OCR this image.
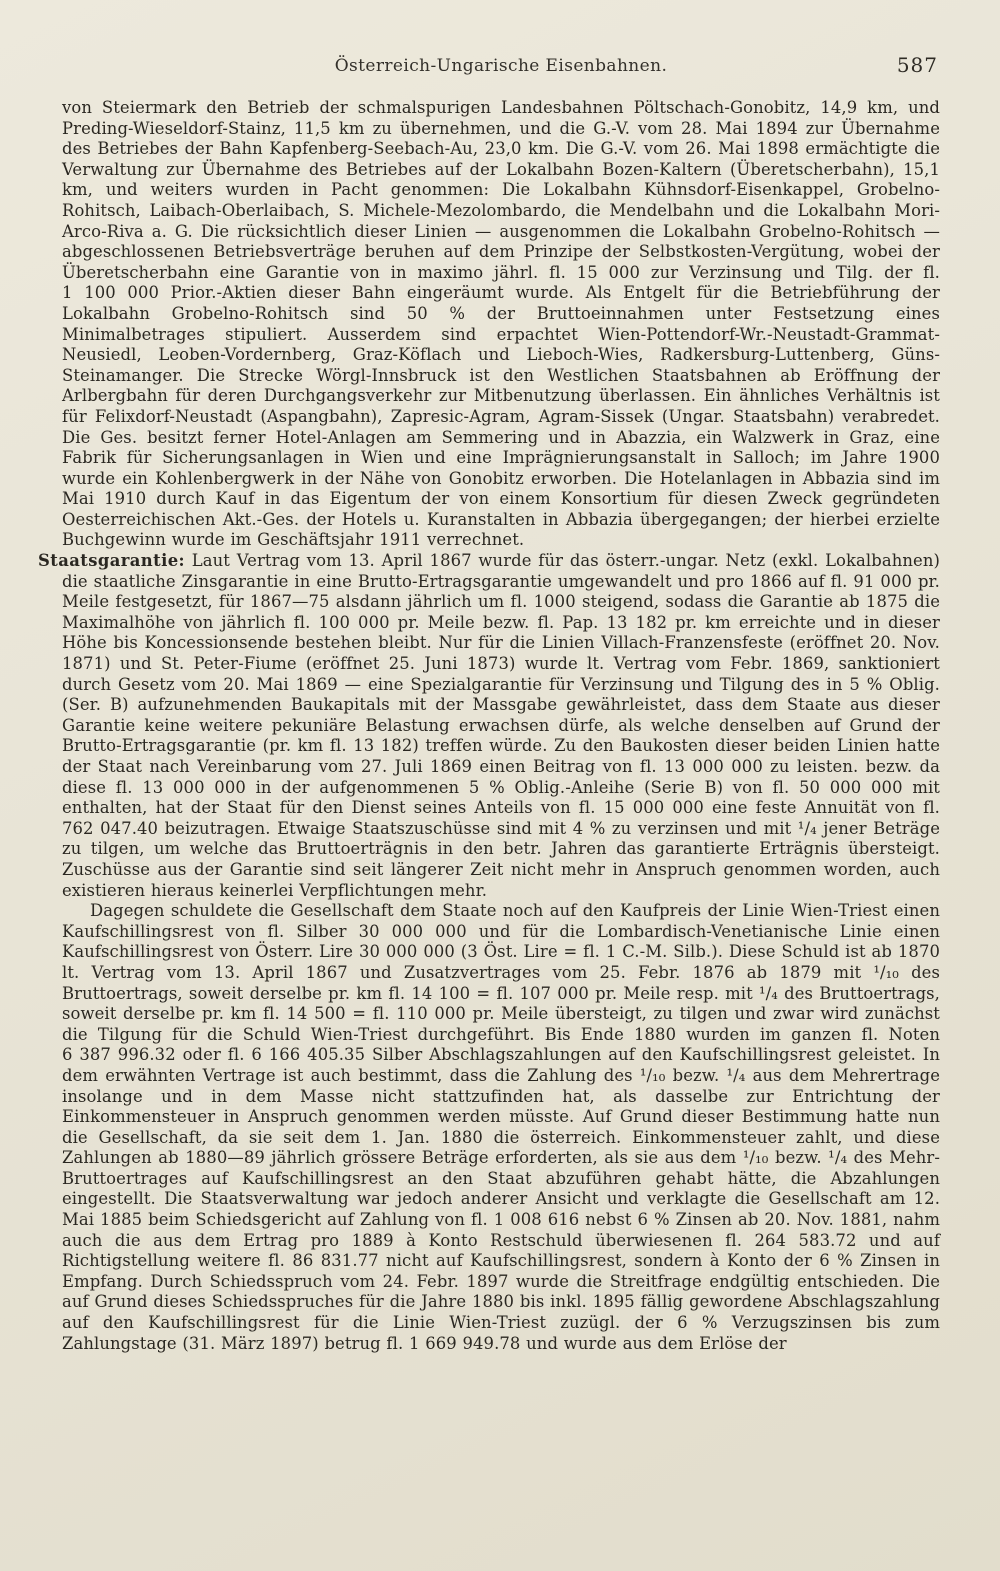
Österreich-Ungarische Eisenbahnen.	587

von Steiermark den Betrieb der schmalspurigen Landesbahnen Pöltschach-Gonobitz, 14,9 km, und Preding-Wieseldorf-Stainz, 11,5 km zu übernehmen, und die G.-V. vom 28. Mai 1894 zur Übernahme des Betriebes der Bahn Kapfenberg-Seebach-Au, 23,0 km. Die G.-V. vom 26. Mai 1898 ermächtigte die Verwaltung zur Übernahme des Betriebes auf der Lokalbahn Bozen-Kaltern (Überetscherbahn), 15,1 km, und weiters wurden in Pacht genommen: Die Lokalbahn Kühnsdorf-Eisenkappel, Grobelno-Rohitsch, Laibach-Oberlaibach, S. Michele-Mezolombardo, die Mendelbahn und die Lokalbahn Mori-Arco-Riva a. G. Die rücksichtlich dieser Linien — ausgenommen die Lokalbahn Grobelno-Rohitsch — abgeschlossenen Betriebsverträge beruhen auf dem Prinzipe der Selbstkosten-Vergütung, wobei der Überetscherbahn eine Garantie von in maximo jährl. fl. 15 000 zur Verzinsung und Tilg. der fl. 1 100 000 Prior.-Aktien dieser Bahn eingeräumt wurde. Als Entgelt für die Betriebführung der Lokalbahn Grobelno-Rohitsch sind 50 % der Bruttoeinnahmen unter Festsetzung eines Minimalbetrages stipuliert. Ausserdem sind erpachtet Wien-Pottendorf-Wr.-Neustadt-Grammat-Neusiedl, Leoben-Vordernberg, Graz-Köflach und Lieboch-Wies, Radkersburg-Luttenberg, Güns-Steinamanger. Die Strecke Wörgl-Innsbruck ist den Westlichen Staatsbahnen ab Eröffnung der Arlbergbahn für deren Durchgangsverkehr zur Mitbenutzung überlassen. Ein ähnliches Verhältnis ist für Felixdorf-Neustadt (Aspangbahn), Zapresic-Agram, Agram-Sissek (Ungar. Staatsbahn) verabredet. Die Ges. besitzt ferner Hotel-Anlagen am Semmering und in Abazzia, ein Walzwerk in Graz, eine Fabrik für Sicherungsanlagen in Wien und eine Imprägnierungsanstalt in Salloch; im Jahre 1900 wurde ein Kohlenbergwerk in der Nähe von Gonobitz erworben. Die Hotelanlagen in Abbazia sind im Mai 1910 durch Kauf in das Eigentum der von einem Konsortium für diesen Zweck gegründeten Oesterreichischen Akt.-Ges. der Hotels u. Kuranstalten in Abbazia übergegangen; der hierbei erzielte Buchgewinn wurde im Geschäftsjahr 1911 verrechnet.

Staatsgarantie: Laut Vertrag vom 13. April 1867 wurde für das österr.-ungar. Netz (exkl. Lokalbahnen) die staatliche Zinsgarantie in eine Brutto-Ertragsgarantie umgewandelt und pro 1866 auf fl. 91 000 pr. Meile festgesetzt, für 1867—75 alsdann jährlich um fl. 1000 steigend, sodass die Garantie ab 1875 die Maximalhöhe von jährlich fl. 100 000 pr. Meile bezw. fl. Pap. 13 182 pr. km erreichte und in dieser Höhe bis Koncessionsende bestehen bleibt. Nur für die Linien Villach-Franzensfeste (eröffnet 20. Nov. 1871) und St. Peter-Fiume (eröffnet 25. Juni 1873) wurde lt. Vertrag vom Febr. 1869, sanktioniert durch Gesetz vom 20. Mai 1869 — eine Spezialgarantie für Verzinsung und Tilgung des in 5 % Oblig. (Ser. B) aufzunehmenden Baukapitals mit der Massgabe gewährleistet, dass dem Staate aus dieser Garantie keine weitere pekuniäre Belastung erwachsen dürfe, als welche denselben auf Grund der Brutto-Ertragsgarantie (pr. km fl. 13 182) treffen würde. Zu den Baukosten dieser beiden Linien hatte der Staat nach Vereinbarung vom 27. Juli 1869 einen Beitrag von fl. 13 000 000 zu leisten. bezw. da diese fl. 13 000 000 in der aufgenommenen 5 % Oblig.-Anleihe (Serie B) von fl. 50 000 000 mit enthalten, hat der Staat für den Dienst seines Anteils von fl. 15 000 000 eine feste Annuität von fl. 762 047.40 beizutragen. Etwaige Staatszuschüsse sind mit 4 % zu verzinsen und mit ¹/₄ jener Beträge zu tilgen, um welche das Bruttoerträgnis in den betr. Jahren das garantierte Erträgnis übersteigt. Zuschüsse aus der Garantie sind seit längerer Zeit nicht mehr in Anspruch genommen worden, auch existieren hieraus keinerlei Verpflichtungen mehr.

Dagegen schuldete die Gesellschaft dem Staate noch auf den Kaufpreis der Linie Wien-Triest einen Kaufschillingsrest von fl. Silber 30 000 000 und für die Lombardisch-Venetianische Linie einen Kaufschillingsrest von Österr. Lire 30 000 000 (3 Öst. Lire = fl. 1 C.-M. Silb.). Diese Schuld ist ab 1870 lt. Vertrag vom 13. April 1867 und Zusatzvertrages vom 25. Febr. 1876 ab 1879 mit ¹/₁₀ des Bruttoertrags, soweit derselbe pr. km fl. 14 100 = fl. 107 000 pr. Meile resp. mit ¹/₄ des Bruttoertrags, soweit derselbe pr. km fl. 14 500 = fl. 110 000 pr. Meile übersteigt, zu tilgen und zwar wird zunächst die Tilgung für die Schuld Wien-Triest durchgeführt. Bis Ende 1880 wurden im ganzen fl. Noten 6 387 996.32 oder fl. 6 166 405.35 Silber Abschlagszahlungen auf den Kaufschillingsrest geleistet. In dem erwähnten Vertrage ist auch bestimmt, dass die Zahlung des ¹/₁₀ bezw. ¹/₄ aus dem Mehrertrage insolange und in dem Masse nicht stattzufinden hat, als dasselbe zur Entrichtung der Einkommensteuer in Anspruch genommen werden müsste. Auf Grund dieser Bestimmung hatte nun die Gesellschaft, da sie seit dem 1. Jan. 1880 die österreich. Einkommensteuer zahlt, und diese Zahlungen ab 1880—89 jährlich grössere Beträge erforderten, als sie aus dem ¹/₁₀ bezw. ¹/₄ des Mehr-Bruttoertrages auf Kaufschillingsrest an den Staat abzuführen gehabt hätte, die Abzahlungen eingestellt. Die Staatsverwaltung war jedoch anderer Ansicht und verklagte die Gesellschaft am 12. Mai 1885 beim Schiedsgericht auf Zahlung von fl. 1 008 616 nebst 6 % Zinsen ab 20. Nov. 1881, nahm auch die aus dem Ertrag pro 1889 à Konto Restschuld überwiesenen fl. 264 583.72 und auf Richtigstellung weitere fl. 86 831.77 nicht auf Kaufschillingsrest, sondern à Konto der 6 % Zinsen in Empfang. Durch Schiedsspruch vom 24. Febr. 1897 wurde die Streitfrage endgültig entschieden. Die auf Grund dieses Schiedsspruches für die Jahre 1880 bis inkl. 1895 fällig gewordene Abschlagszahlung auf den Kaufschillingsrest für die Linie Wien-Triest zuzügl. der 6 % Verzugszinsen bis zum Zahlungstage (31. März 1897) betrug fl. 1 669 949.78 und wurde aus dem Erlöse der
